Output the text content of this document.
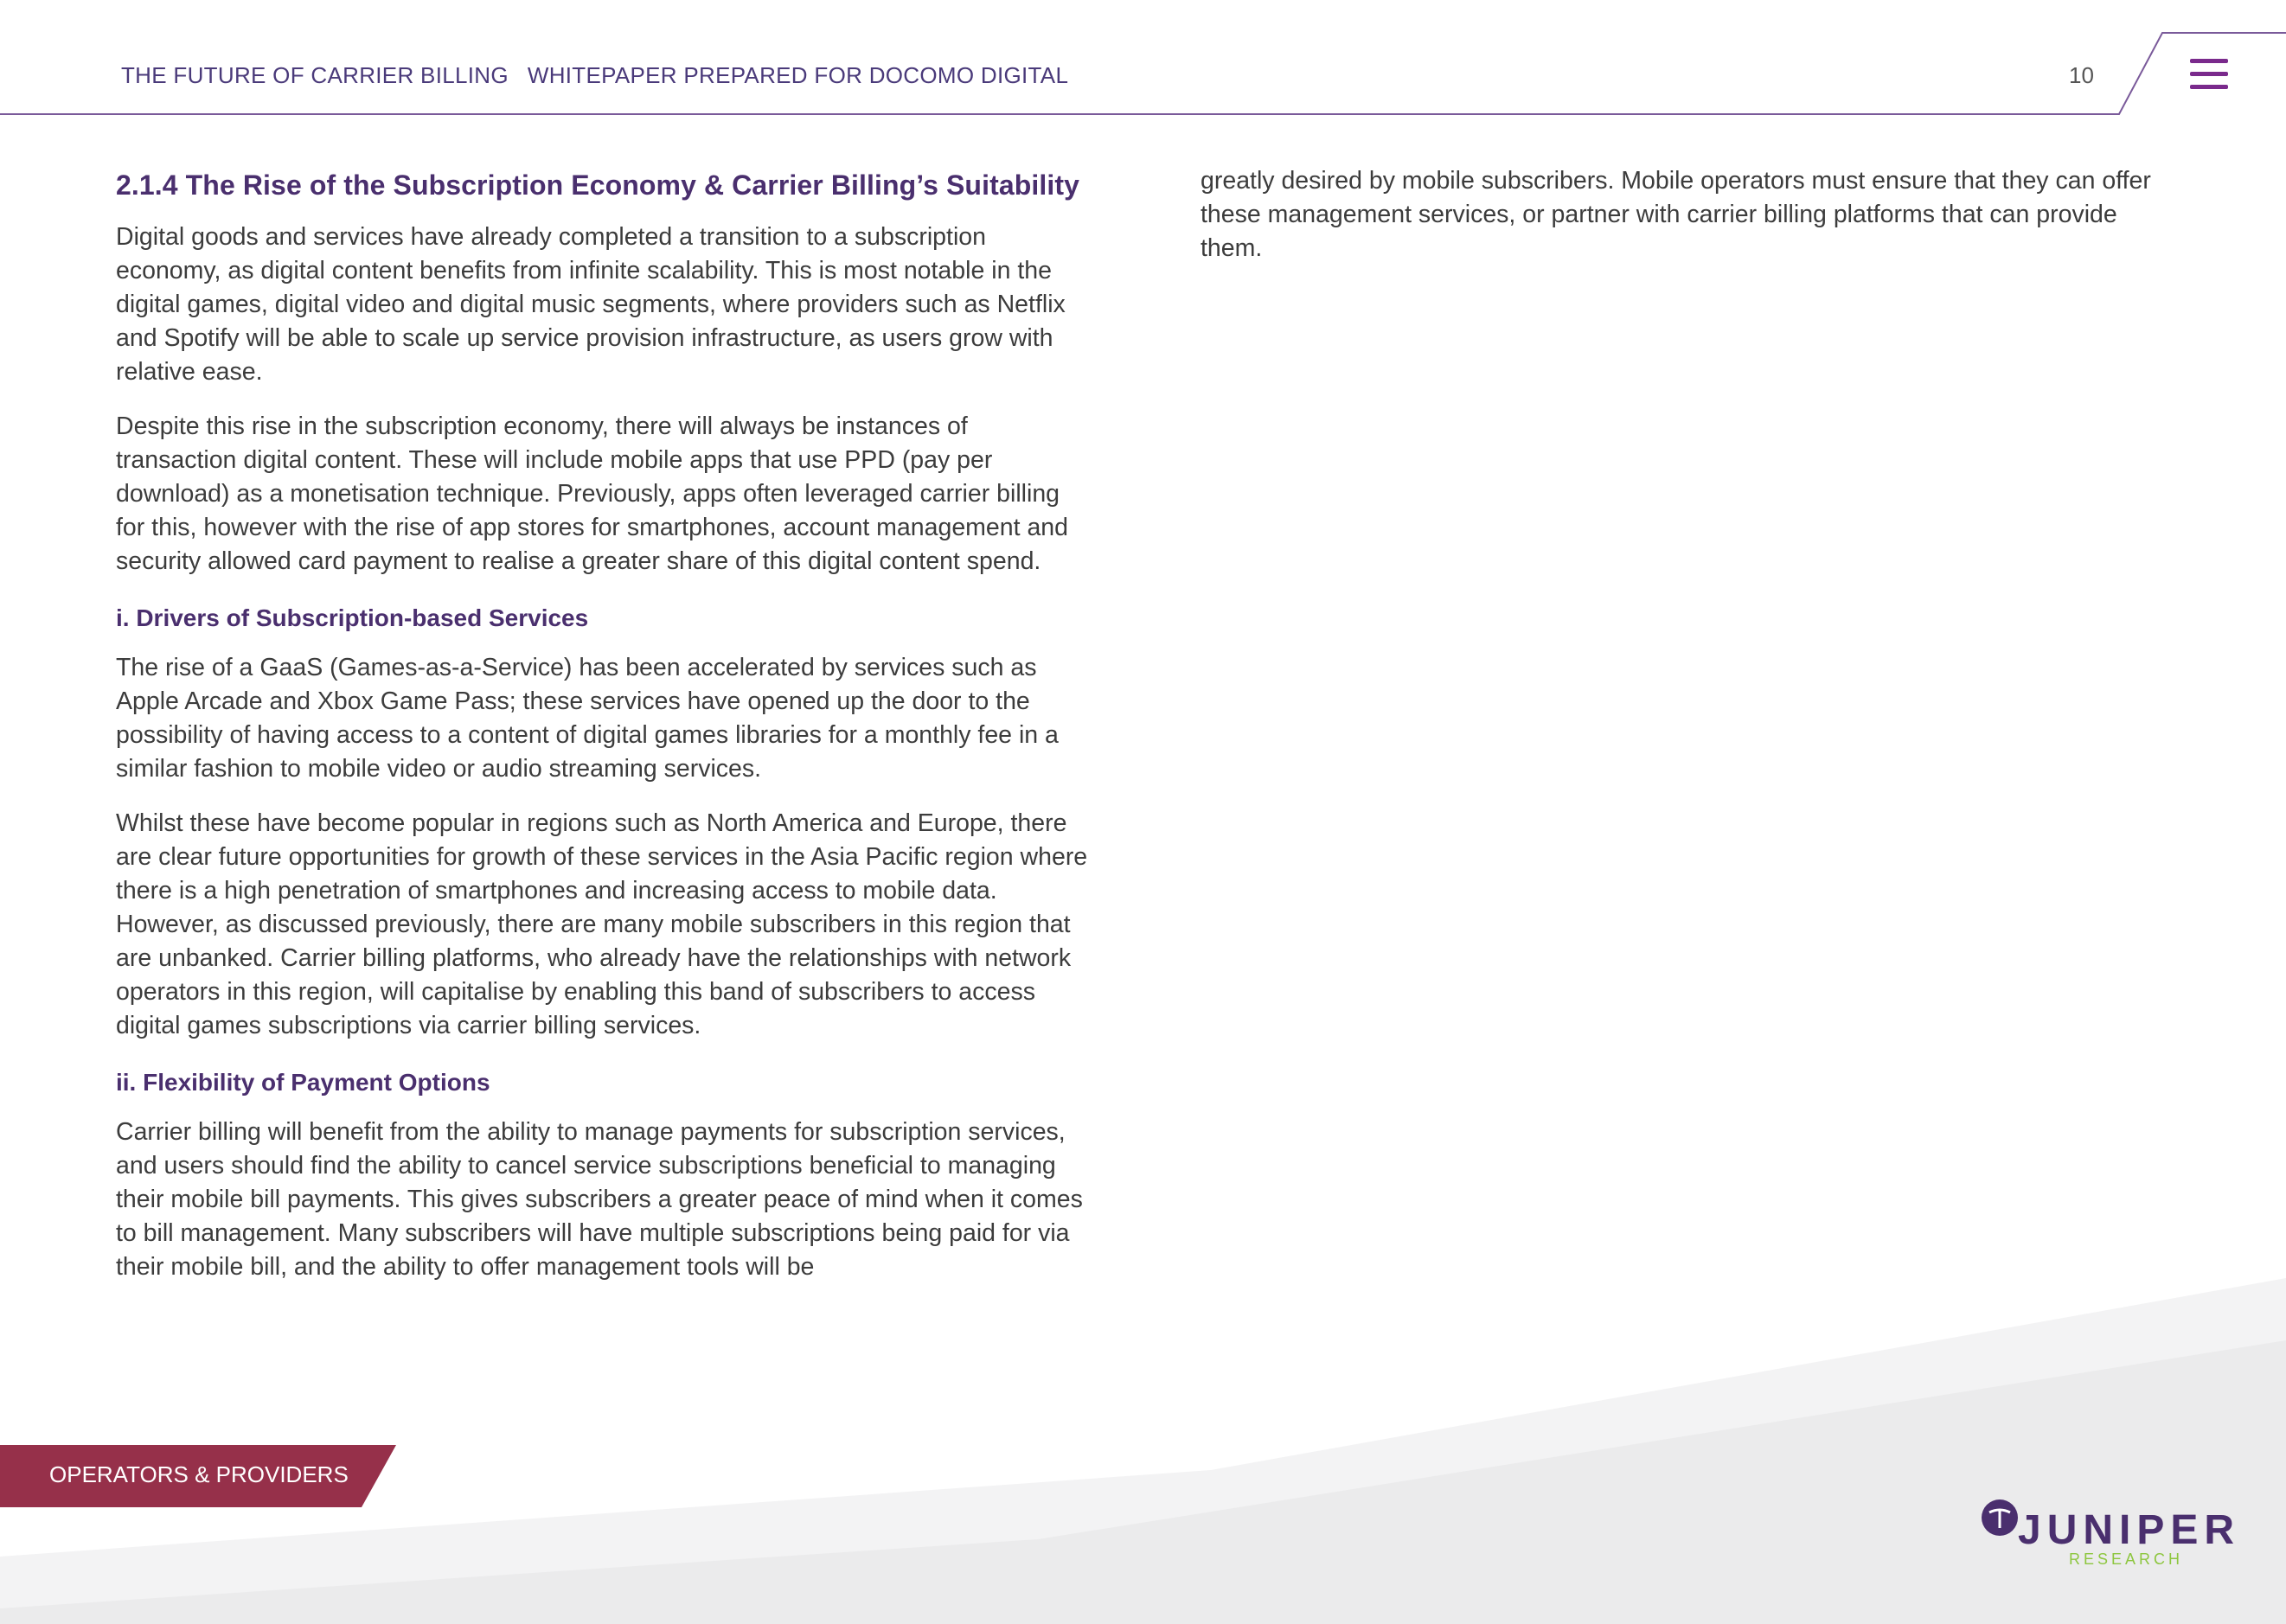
THE FUTURE OF CARRIER BILLING WHITEPAPER PREPARED FOR DOCOMO DIGITAL	10
2.1.4 The Rise of the Subscription Economy & Carrier Billing’s Suitability

Digital goods and services have already completed a transition to a subscription economy, as digital content benefits from infinite scalability. This is most notable in the digital games, digital video and digital music segments, where providers such as Netflix and Spotify will be able to scale up service provision infrastructure, as users grow with relative ease.

Despite this rise in the subscription economy, there will always be instances of transaction digital content. These will include mobile apps that use PPD (pay per download) as a monetisation technique. Previously, apps often leveraged carrier billing for this, however with the rise of app stores for smartphones, account management and security allowed card payment to realise a greater share of this digital content spend.

i. Drivers of Subscription-based Services

The rise of a GaaS (Games-as-a-Service) has been accelerated by services such as Apple Arcade and Xbox Game Pass; these services have opened up the door to the possibility of having access to a content of digital games libraries for a monthly fee in a similar fashion to mobile video or audio streaming services.

Whilst these have become popular in regions such as North America and Europe, there are clear future opportunities for growth of these services in the Asia Pacific region where there is a high penetration of smartphones and increasing access to mobile data. However, as discussed previously, there are many mobile subscribers in this region that are unbanked. Carrier billing platforms, who already have the relationships with network operators in this region, will capitalise by enabling this band of subscribers to access digital games subscriptions via carrier billing services.

ii. Flexibility of Payment Options

Carrier billing will benefit from the ability to manage payments for subscription services, and users should find the ability to cancel service subscriptions beneficial to managing their mobile bill payments. This gives subscribers a greater peace of mind when it comes to bill management. Many subscribers will have multiple subscriptions being paid for via their mobile bill, and the ability to offer management tools will be

greatly desired by mobile subscribers. Mobile operators must ensure that they can offer these management services, or partner with carrier billing platforms that can provide them.

OPERATORS & PROVIDERS
JUNIPER
RESEARCH
